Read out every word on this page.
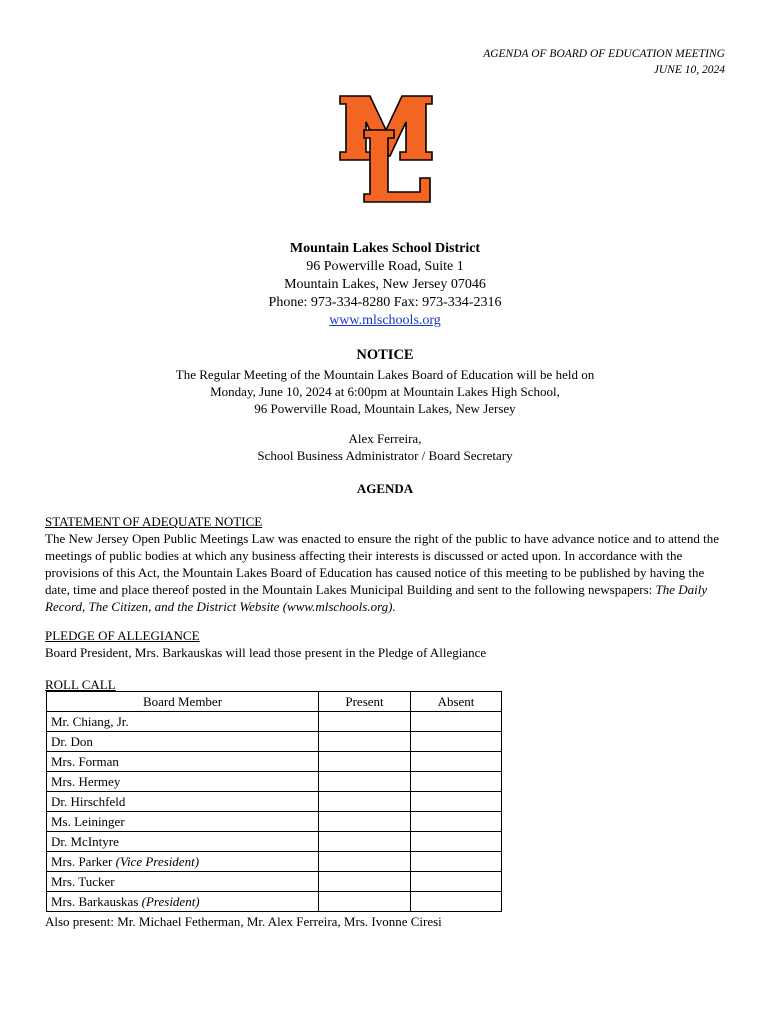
AGENDA OF BOARD OF EDUCATION MEETING
JUNE 10, 2024
Mountain Lakes School District
96 Powerville Road, Suite 1
Mountain Lakes, New Jersey 07046
Phone: 973-334-8280 Fax: 973-334-2316
www.mlschools.org
NOTICE
The Regular Meeting of the Mountain Lakes Board of Education will be held on
Monday, June 10, 2024 at 6:00pm at Mountain Lakes High School,
96 Powerville Road, Mountain Lakes, New Jersey
Alex Ferreira,
School Business Administrator / Board Secretary
AGENDA
STATEMENT OF ADEQUATE NOTICE
The New Jersey Open Public Meetings Law was enacted to ensure the right of the public to have advance notice and to attend the meetings of public bodies at which any business affecting their interests is discussed or acted upon. In accordance with the provisions of this Act, the Mountain Lakes Board of Education has caused notice of this meeting to be published by having the date, time and place thereof posted in the Mountain Lakes Municipal Building and sent to the following newspapers: The Daily Record, The Citizen, and the District Website (www.mlschools.org).
PLEDGE OF ALLEGIANCE
Board President, Mrs. Barkauskas will lead those present in the Pledge of Allegiance
ROLL CALL
Board Member	Present	Absent
Mr. Chiang, Jr.		
Dr. Don		
Mrs. Forman		
Mrs. Hermey		
Dr. Hirschfeld		
Ms. Leininger		
Dr. McIntyre		
Mrs. Parker (Vice President)		
Mrs. Tucker		
Mrs. Barkauskas (President)		
Also present: Mr. Michael Fetherman, Mr. Alex Ferreira, Mrs. Ivonne Ciresi
